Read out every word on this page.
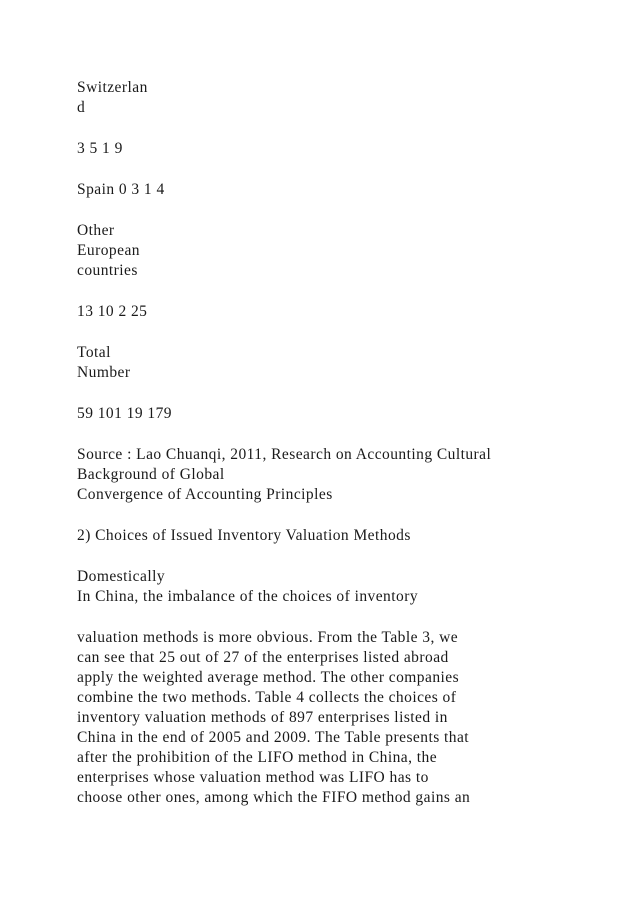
Switzerlan
d
3 5 1 9
Spain 0 3 1 4
Other
European
countries
13 10 2 25
Total
Number
59 101 19 179
Source : Lao Chuanqi, 2011, Research on Accounting Cultural
Background of Global
Convergence of Accounting Principles
2) Choices of Issued Inventory Valuation Methods
Domestically
In China, the imbalance of the choices of inventory
valuation methods is more obvious. From the Table 3, we
can see that 25 out of 27 of the enterprises listed abroad
apply the weighted average method. The other companies
combine the two methods. Table 4 collects the choices of
inventory valuation methods of 897 enterprises listed in
China in the end of 2005 and 2009. The Table presents that
after the prohibition of the LIFO method in China, the
enterprises whose valuation method was LIFO has to
choose other ones, among which the FIFO method gains an
